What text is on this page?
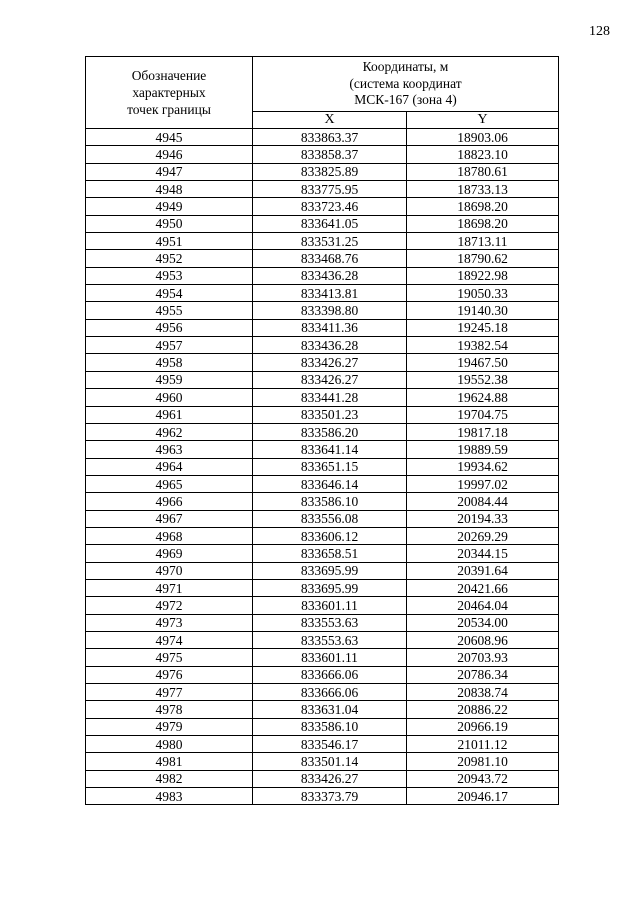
128
Обозначение
характерных
точек границы	Координаты, м
(система координат
МСК-167 (зона 4)	

	X	Y
4945	833863.37	18903.06
4946	833858.37	18823.10
4947	833825.89	18780.61
4948	833775.95	18733.13
4949	833723.46	18698.20
4950	833641.05	18698.20
4951	833531.25	18713.11
4952	833468.76	18790.62
4953	833436.28	18922.98
4954	833413.81	19050.33
4955	833398.80	19140.30
4956	833411.36	19245.18
4957	833436.28	19382.54
4958	833426.27	19467.50
4959	833426.27	19552.38
4960	833441.28	19624.88
4961	833501.23	19704.75
4962	833586.20	19817.18
4963	833641.14	19889.59
4964	833651.15	19934.62
4965	833646.14	19997.02
4966	833586.10	20084.44
4967	833556.08	20194.33
4968	833606.12	20269.29
4969	833658.51	20344.15
4970	833695.99	20391.64
4971	833695.99	20421.66
4972	833601.11	20464.04
4973	833553.63	20534.00
4974	833553.63	20608.96
4975	833601.11	20703.93
4976	833666.06	20786.34
4977	833666.06	20838.74
4978	833631.04	20886.22
4979	833586.10	20966.19
4980	833546.17	21011.12
4981	833501.14	20981.10
4982	833426.27	20943.72
4983	833373.79	20946.17
